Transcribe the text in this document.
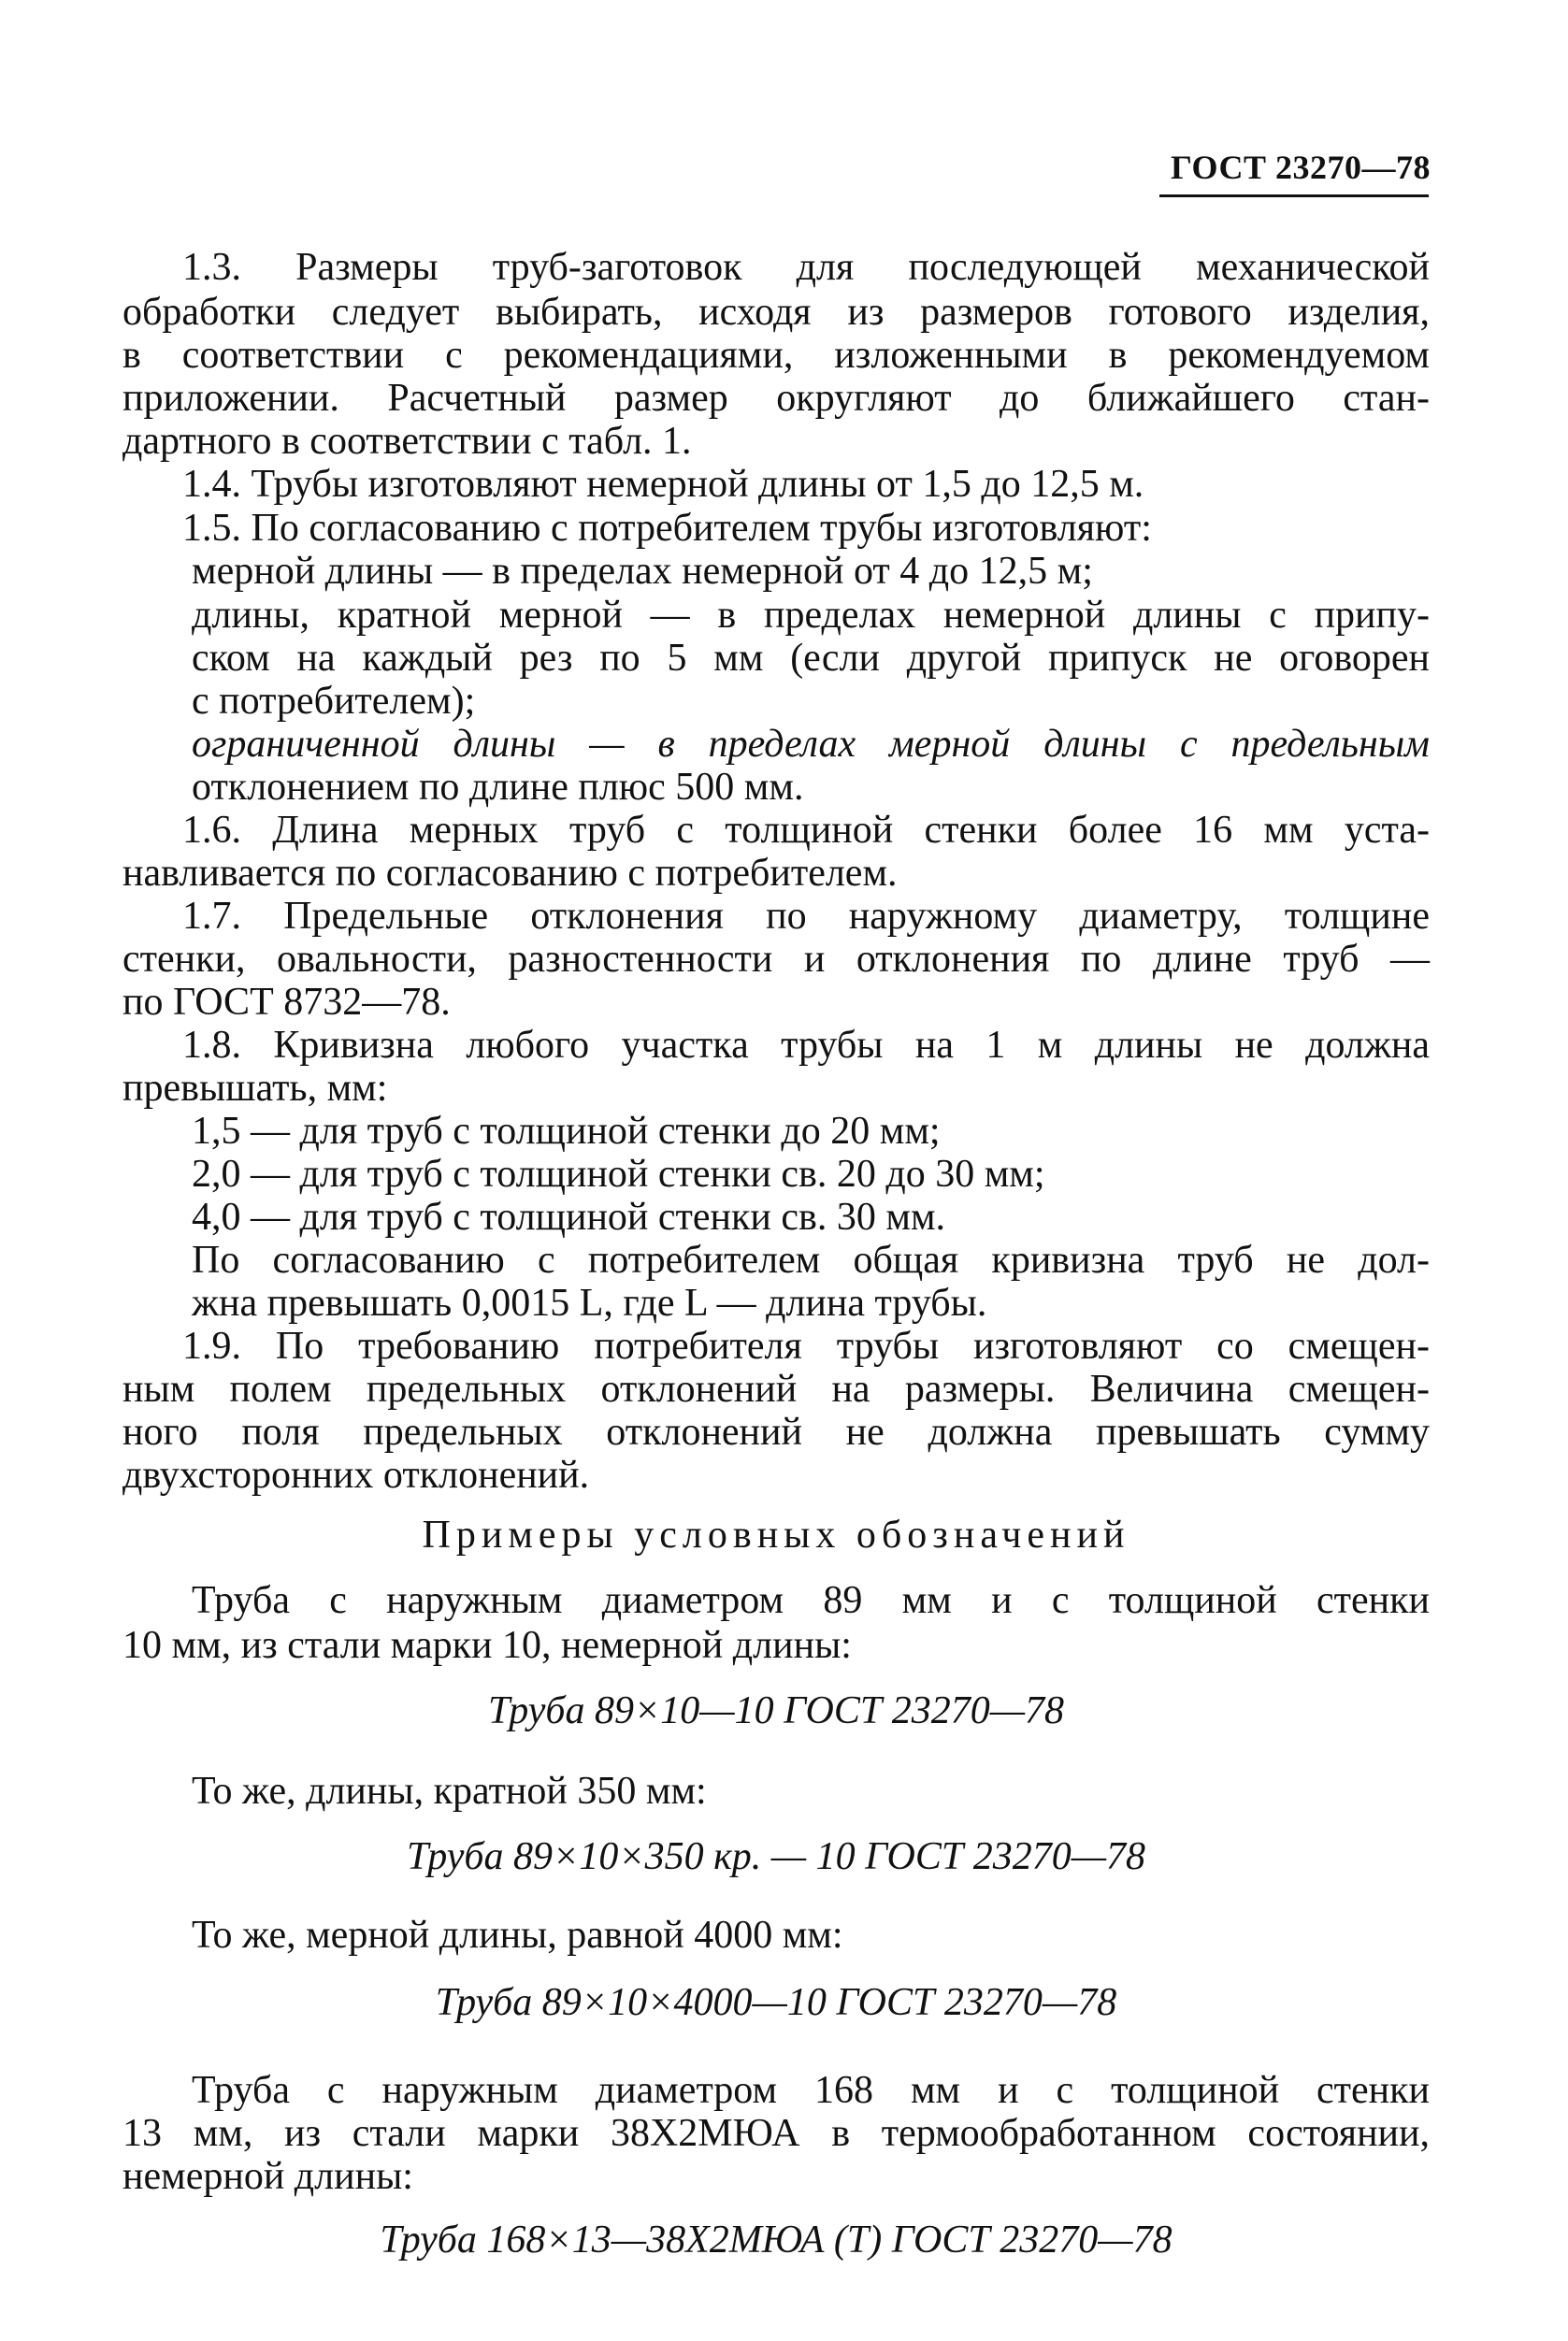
ГОСТ 23270—78
1.3. Размеры труб-заготовок для последующей механической
обработки следует выбирать, исходя из размеров готового изделия,
в соответствии с рекомендациями, изложенными в рекомендуемом
приложении. Расчетный размер округляют до ближайшего стан-
дартного в соответствии с табл. 1.
1.4. Трубы изготовляют немерной длины от 1,5 до 12,5 м.
1.5. По согласованию с потребителем трубы изготовляют:
мерной длины — в пределах немерной от 4 до 12,5 м;
длины, кратной мерной — в пределах немерной длины с припу-
ском на каждый рез по 5 мм (если другой припуск не оговорен
с потребителем);
ограниченной длины — в пределах мерной длины с предельным
отклонением по длине плюс 500 мм.
1.6. Длина мерных труб с толщиной стенки более 16 мм уста-
навливается по согласованию с потребителем.
1.7. Предельные отклонения по наружному диаметру, толщине
стенки, овальности, разностенности и отклонения по длине труб —
по ГОСТ 8732—78.
1.8. Кривизна любого участка трубы на 1 м длины не должна
превышать, мм:
1,5 — для труб с толщиной стенки до 20 мм;
2,0 — для труб с толщиной стенки св. 20 до 30 мм;
4,0 — для труб с толщиной стенки св. 30 мм.
По согласованию с потребителем общая кривизна труб не дол-
жна превышать 0,0015 L, где L — длина трубы.
1.9. По требованию потребителя трубы изготовляют со смещен-
ным полем предельных отклонений на размеры. Величина смещен-
ного поля предельных отклонений не должна превышать сумму
двухсторонних отклонений.
Примеры условных обозначений
Труба с наружным диаметром 89 мм и с толщиной стенки
10 мм, из стали марки 10, немерной длины:
Труба 89×10—10 ГОСТ 23270—78
То же, длины, кратной 350 мм:
Труба 89×10×350 кр. — 10 ГОСТ 23270—78
То же, мерной длины, равной 4000 мм:
Труба 89×10×4000—10 ГОСТ 23270—78
Труба с наружным диаметром 168 мм и с толщиной стенки
13 мм, из стали марки 38Х2МЮА в термообработанном состоянии,
немерной длины:
Труба 168×13—38Х2МЮА (Т) ГОСТ 23270—78
